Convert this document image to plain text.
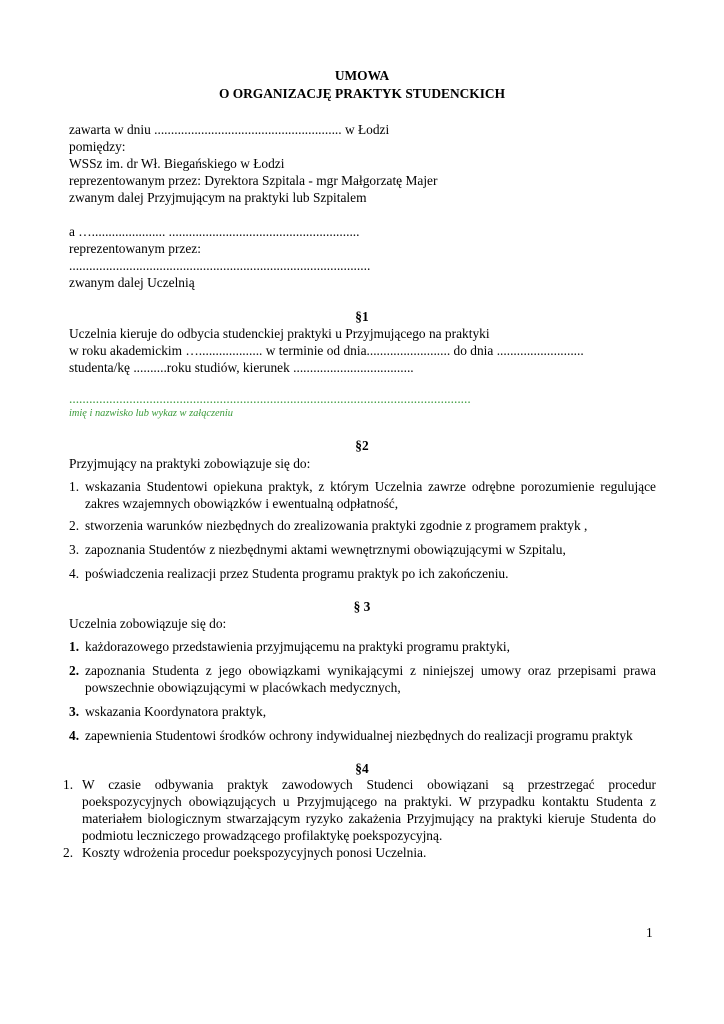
UMOWA
O ORGANIZACJĘ PRAKTYK STUDENCKICH
zawarta w dniu ........................................................ w Łodzi
pomiędzy:
WSSz im. dr Wł. Biegańskiego w Łodzi
reprezentowanym przez: Dyrektora Szpitala - mgr Małgorzatę Majer
zwanym dalej Przyjmującym na praktyki lub Szpitalem
a …...................... .........................................................
reprezentowanym przez:
..........................................................................................
zwanym dalej Uczelnią
§1
Uczelnia kieruje do odbycia studenckiej praktyki u Przyjmującego na praktyki
w roku akademickim …................... w terminie od dnia......................... do dnia ..........................
studenta/kę ..........roku studiów, kierunek ....................................
........................................................................................................................
imię i nazwisko lub wykaz w załączeniu
§2
Przyjmujący na praktyki zobowiązuje się do:
1. wskazania Studentowi opiekuna praktyk, z którym Uczelnia zawrze odrębne porozumienie regulujące zakres wzajemnych obowiązków i ewentualną odpłatność,
2. stworzenia warunków niezbędnych do zrealizowania praktyki zgodnie z programem praktyk ,
3. zapoznania Studentów z niezbędnymi aktami wewnętrznymi obowiązującymi w Szpitalu,
4. poświadczenia realizacji przez Studenta programu praktyk po ich zakończeniu.
§ 3
Uczelnia zobowiązuje się do:
1. każdorazowego przedstawienia przyjmującemu na praktyki programu praktyki,
2. zapoznania Studenta z jego obowiązkami wynikającymi z niniejszej umowy oraz przepisami prawa powszechnie obowiązującymi w placówkach medycznych,
3. wskazania Koordynatora praktyk,
4. zapewnienia Studentowi środków ochrony indywidualnej niezbędnych do realizacji programu praktyk
§4
1. W czasie odbywania praktyk zawodowych Studenci obowiązani są przestrzegać procedur poekspozycyjnych obowiązujących u Przyjmującego na praktyki. W przypadku kontaktu Studenta z materiałem biologicznym stwarzającym ryzyko zakażenia Przyjmujący na praktyki kieruje Studenta do podmiotu leczniczego prowadzącego profilaktykę poekspozycyjną.
2. Koszty wdrożenia procedur poekspozycyjnych ponosi Uczelnia.
1
